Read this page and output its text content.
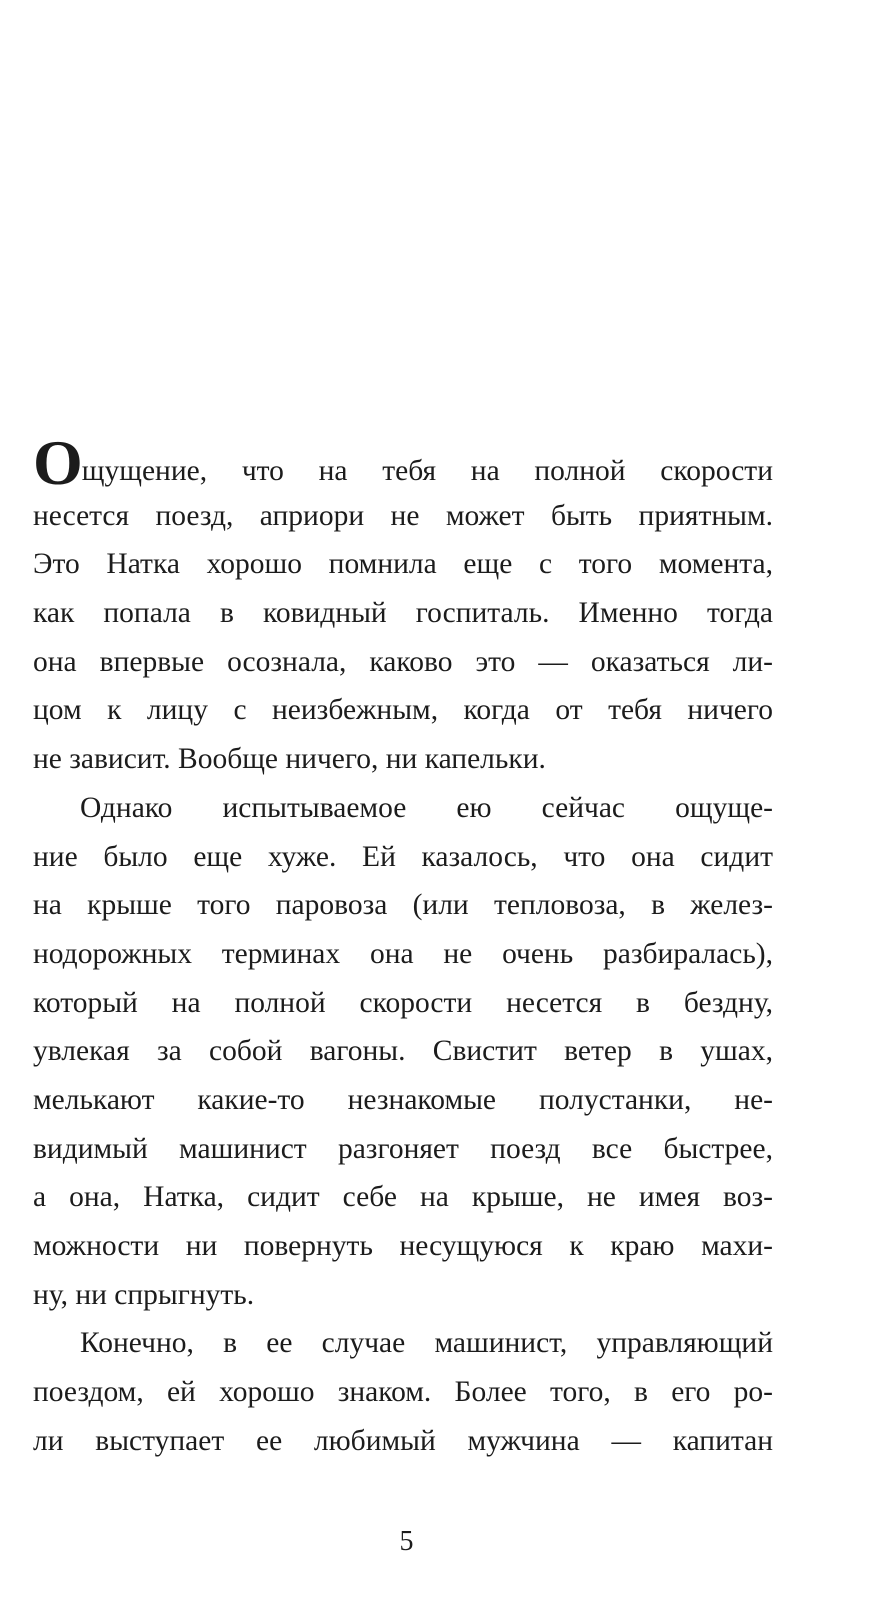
Ощущение, что на тебя на полной скорости
несется поезд, априори не может быть приятным.
Это Натка хорошо помнила еще с того момента,
как попала в ковидный госпиталь. Именно тогда
она впервые осознала, каково это — оказаться ли-
цом к лицу с неизбежным, когда от тебя ничего
не зависит. Вообще ничего, ни капельки.
Однако испытываемое ею сейчас ощуще-
ние было еще хуже. Ей казалось, что она сидит
на крыше того паровоза (или тепловоза, в желез-
нодорожных терминах она не очень разбиралась),
который на полной скорости несется в бездну,
увлекая за собой вагоны. Свистит ветер в ушах,
мелькают какие-то незнакомые полустанки, не-
видимый машинист разгоняет поезд все быстрее,
а она, Натка, сидит себе на крыше, не имея воз-
можности ни повернуть несущуюся к краю махи-
ну, ни спрыгнуть.
Конечно, в ее случае машинист, управляющий
поездом, ей хорошо знаком. Более того, в его ро-
ли выступает ее любимый мужчина — капитан
5
